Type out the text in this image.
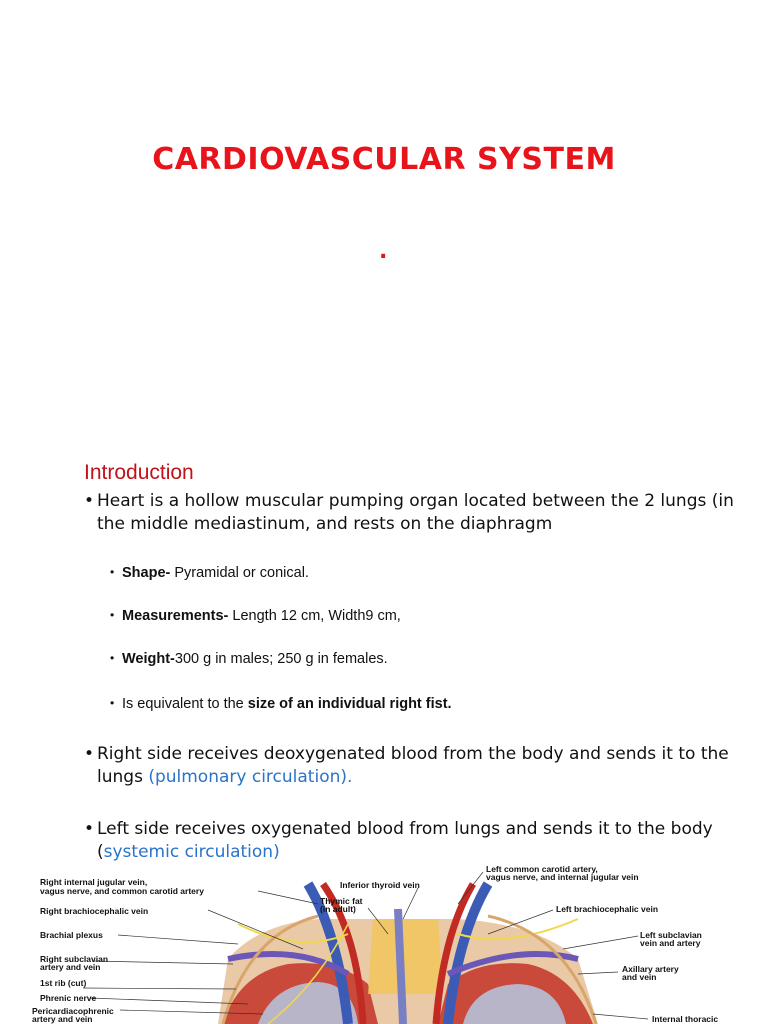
CARDIOVASCULAR SYSTEM
.
Introduction
• Heart is a hollow muscular pumping organ located between the 2 lungs (in the middle mediastinum, and rests on the diaphragm
• Shape- Pyramidal or conical.
• Measurements- Length 12 cm, Width9 cm,
• Weight-300 g in males; 250 g in females.
• Is equivalent to the size of an individual right fist.
• Right side receives deoxygenated blood from the body and sends it to the lungs (pulmonary circulation).
• Left side receives oxygenated blood from lungs and sends it to the body (systemic circulation)
Right internal jugular vein,
vagus nerve, and common carotid artery
Right brachiocephalic vein
Brachial plexus
Right subclavian
artery and vein
1st rib (cut)
Phrenic nerve
Pericardiacophrenic
artery and vein
Inferior thyroid vein
Thymic fat
(in adult)
Left common carotid artery,
vagus nerve, and internal jugular vein
Left brachiocephalic vein
Left subclavian
vein and artery
Axillary artery
and vein
Internal thoracic
